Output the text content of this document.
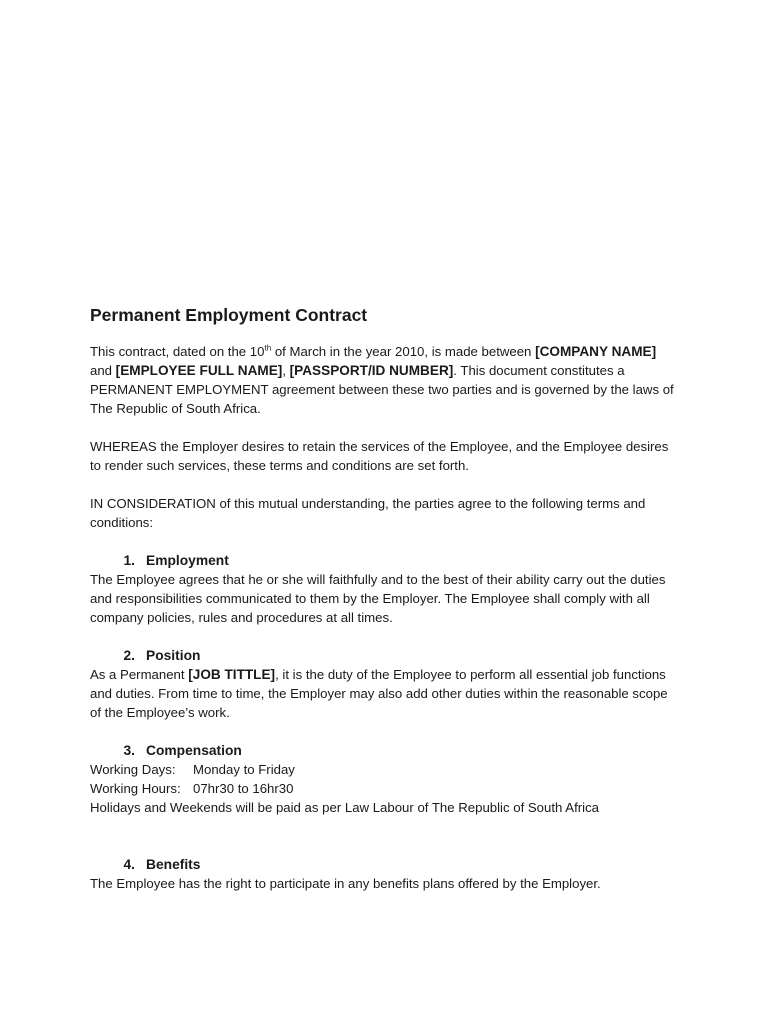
Permanent Employment Contract

This contract, dated on the 10th of March in the year 2010, is made between [COMPANY NAME] and [EMPLOYEE FULL NAME], [PASSPORT/ID NUMBER]. This document constitutes a PERMANENT EMPLOYMENT agreement between these two parties and is governed by the laws of The Republic of South Africa.

WHEREAS the Employer desires to retain the services of the Employee, and the Employee desires to render such services, these terms and conditions are set forth.

IN CONSIDERATION of this mutual understanding, the parties agree to the following terms and conditions:

1. Employment

The Employee agrees that he or she will faithfully and to the best of their ability carry out the duties and responsibilities communicated to them by the Employer. The Employee shall comply with all company policies, rules and procedures at all times.

2. Position

As a Permanent [JOB TITTLE], it is the duty of the Employee to perform all essential job functions and duties. From time to time, the Employer may also add other duties within the reasonable scope of the Employee’s work.

3. Compensation
Working Days:	Monday to Friday
Working Hours: 07hr30 to 16hr30

Holidays and Weekends will be paid as per Law Labour of The Republic of South Africa

4. Benefits

The Employee has the right to participate in any benefits plans offered by the Employer.
